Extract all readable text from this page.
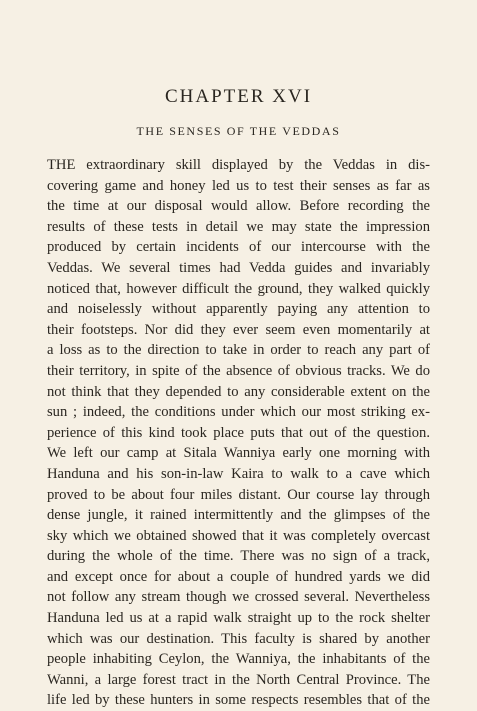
CHAPTER XVI
THE SENSES OF THE VEDDAS
THE extraordinary skill displayed by the Veddas in dis-
covering game and honey led us to test their senses as far as
the time at our disposal would allow. Before recording the
results of these tests in detail we may state the impression
produced by certain incidents of our intercourse with the
Veddas. We several times had Vedda guides and invariably
noticed that, however difficult the ground, they walked quickly
and noiselessly without apparently paying any attention to
their footsteps. Nor did they ever seem even momentarily at
a loss as to the direction to take in order to reach any part of
their territory, in spite of the absence of obvious tracks. We do
not think that they depended to any considerable extent on the
sun ; indeed, the conditions under which our most striking ex-
perience of this kind took place puts that out of the question.
We left our camp at Sitala Wanniya early one morning with
Handuna and his son-in-law Kaira to walk to a cave which
proved to be about four miles distant. Our course lay through
dense jungle, it rained intermittently and the glimpses of the
sky which we obtained showed that it was completely overcast
during the whole of the time. There was no sign of a track,
and except once for about a couple of hundred yards we did
not follow any stream though we crossed several. Nevertheless
Handuna led us at a rapid walk straight up to the rock shelter
which was our destination. This faculty is shared by another
people inhabiting Ceylon, the Wanniya, the inhabitants of the
Wanni, a large forest tract in the North Central Province. The
life led by these hunters in some respects resembles that of the
